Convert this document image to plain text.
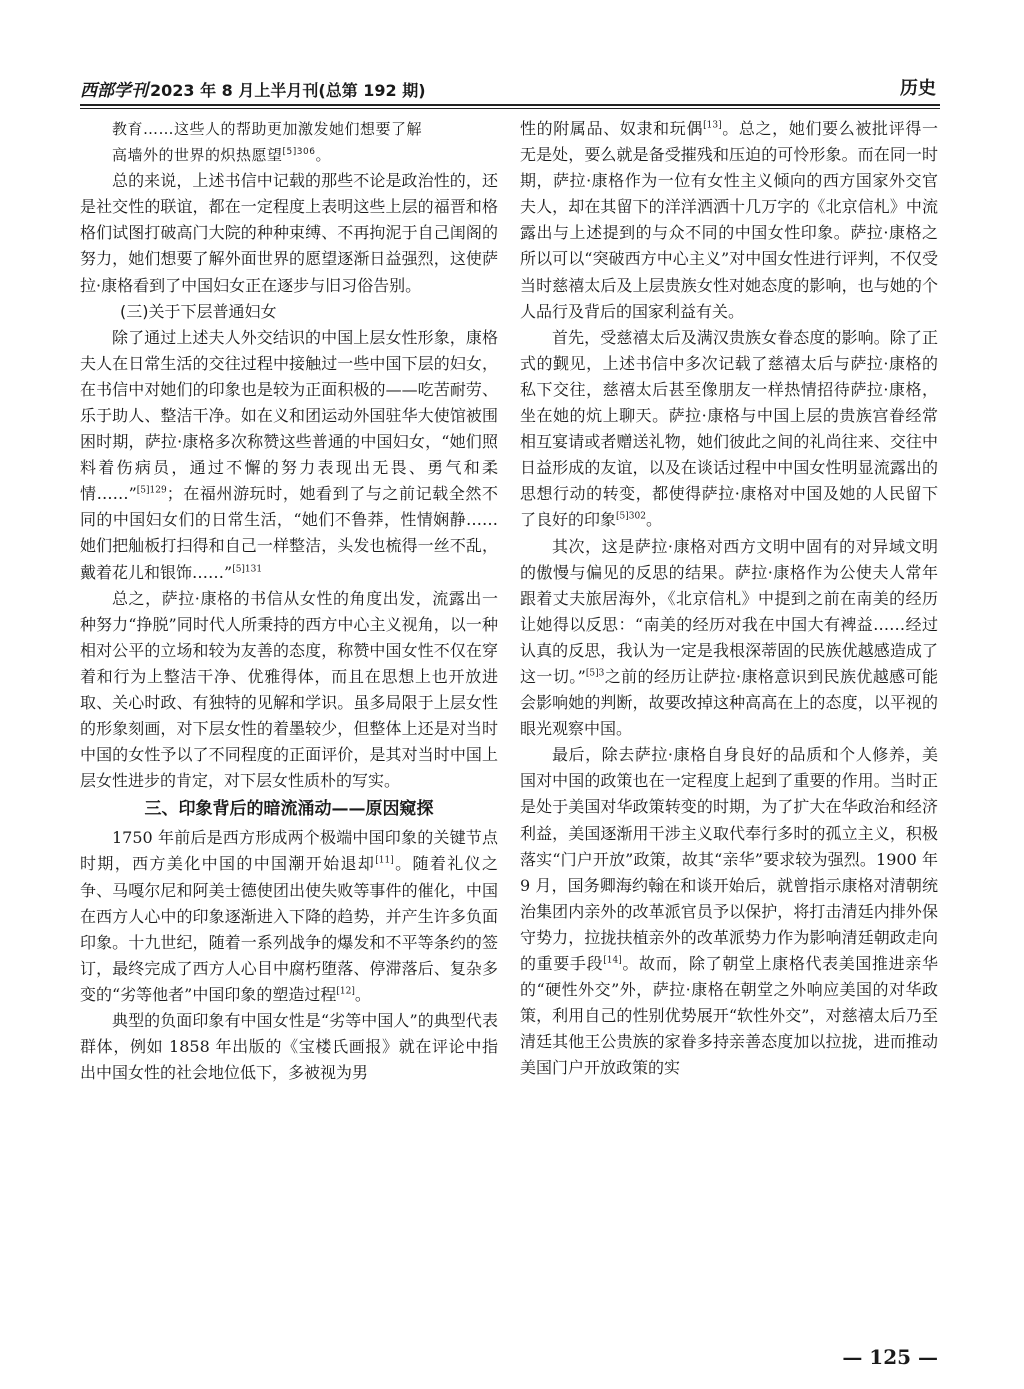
西部学刊 2023 年 8 月上半月刊(总第 192 期)	历史

教育……这些人的帮助更加激发她们想要了解

高墙外的世界的炽热愿望$^{[5]306}$。

总的来说，上述书信中记载的那些不论是政治性的，还是社交性的联谊，都在一定程度上表明这些上层的福晋和格格们试图打破高门大院的种种束缚、不再拘泥于自己闺阁的努力，她们想要了解外面世界的愿望逐渐日益强烈，这使萨拉·康格看到了中国妇女正在逐步与旧习俗告别。

(三)关于下层普通妇女

除了通过上述夫人外交结识的中国上层女性形象，康格夫人在日常生活的交往过程中接触过一些中国下层的妇女，在书信中对她们的印象也是较为正面积极的——吃苦耐劳、乐于助人、整洁干净。如在义和团运动外国驻华大使馆被围困时期，萨拉·康格多次称赞这些普通的中国妇女，“她们照料着伤病员，通过不懈的努力表现出无畏、勇气和柔情……”$^{[5]129}$；在福州游玩时，她看到了与之前记载全然不同的中国妇女们的日常生活，“她们不鲁莽，性情娴静……她们把舢板打扫得和自己一样整洁，头发也梳得一丝不乱，戴着花儿和银饰……”$^{[5]131}$

总之，萨拉·康格的书信从女性的角度出发，流露出一种努力“挣脱”同时代人所秉持的西方中心主义视角，以一种相对公平的立场和较为友善的态度，称赞中国女性不仅在穿着和行为上整洁干净、优雅得体，而且在思想上也开放进取、关心时政、有独特的见解和学识。虽多局限于上层女性的形象刻画，对下层女性的着墨较少，但整体上还是对当时中国的女性予以了不同程度的正面评价，是其对当时中国上层女性进步的肯定，对下层女性质朴的写实。

三、印象背后的暗流涌动——原因窥探

1750 年前后是西方形成两个极端中国印象的关键节点时期，西方美化中国的中国潮开始退却[11]。随着礼仪之争、马嘎尔尼和阿美士德使团出使失败等事件的催化，中国在西方人心中的印象逐渐进入下降的趋势，并产生许多负面印象。十九世纪，随着一系列战争的爆发和不平等条约的签订，最终完成了西方人心目中腐朽堕落、停滞落后、复杂多变的“劣等他者”中国印象的塑造过程[12]。

典型的负面印象有中国女性是“劣等中国人”的典型代表群体，例如 1858 年出版的《宝楼氏画报》就在评论中指出中国女性的社会地位低下，多被视为男

性的附属品、奴隶和玩偶[13]。总之，她们要么被批评得一无是处，要么就是备受摧残和压迫的可怜形象。而在同一时期，萨拉·康格作为一位有女性主义倾向的西方国家外交官夫人，却在其留下的洋洋洒洒十几万字的《北京信札》中流露出与上述提到的与众不同的中国女性印象。萨拉·康格之所以可以“突破西方中心主义”对中国女性进行评判，不仅受当时慈禧太后及上层贵族女性对她态度的影响，也与她的个人品行及背后的国家利益有关。

首先，受慈禧太后及满汉贵族女眷态度的影响。除了正式的觐见，上述书信中多次记载了慈禧太后与萨拉·康格的私下交往，慈禧太后甚至像朋友一样热情招待萨拉·康格，坐在她的炕上聊天。萨拉·康格与中国上层的贵族宫眷经常相互宴请或者赠送礼物，她们彼此之间的礼尚往来、交往中日益形成的友谊，以及在谈话过程中中国女性明显流露出的思想行动的转变，都使得萨拉·康格对中国及她的人民留下了良好的印象$^{[5]302}$。

其次，这是萨拉·康格对西方文明中固有的对异域文明的傲慢与偏见的反思的结果。萨拉·康格作为公使夫人常年跟着丈夫旅居海外，《北京信札》中提到之前在南美的经历让她得以反思：“南美的经历对我在中国大有裨益……经过认真的反思，我认为一定是我根深蒂固的民族优越感造成了这一切。”$^{[5]3}$之前的经历让萨拉·康格意识到民族优越感可能会影响她的判断，故要改掉这种高高在上的态度，以平视的眼光观察中国。

最后，除去萨拉·康格自身良好的品质和个人修养，美国对中国的政策也在一定程度上起到了重要的作用。当时正是处于美国对华政策转变的时期，为了扩大在华政治和经济利益，美国逐渐用干涉主义取代奉行多时的孤立主义，积极落实“门户开放”政策，故其“亲华”要求较为强烈。1900 年 9 月，国务卿海约翰在和谈开始后，就曾指示康格对清朝统治集团内亲外的改革派官员予以保护，将打击清廷内排外保守势力，拉拢扶植亲外的改革派势力作为影响清廷朝政走向的重要手段[14]。故而，除了朝堂上康格代表美国推进亲华的“硬性外交”外，萨拉·康格在朝堂之外响应美国的对华政策，利用自己的性别优势展开“软性外交”，对慈禧太后乃至清廷其他王公贵族的家眷多持亲善态度加以拉拢，进而推动美国门户开放政策的实

— 125 —
